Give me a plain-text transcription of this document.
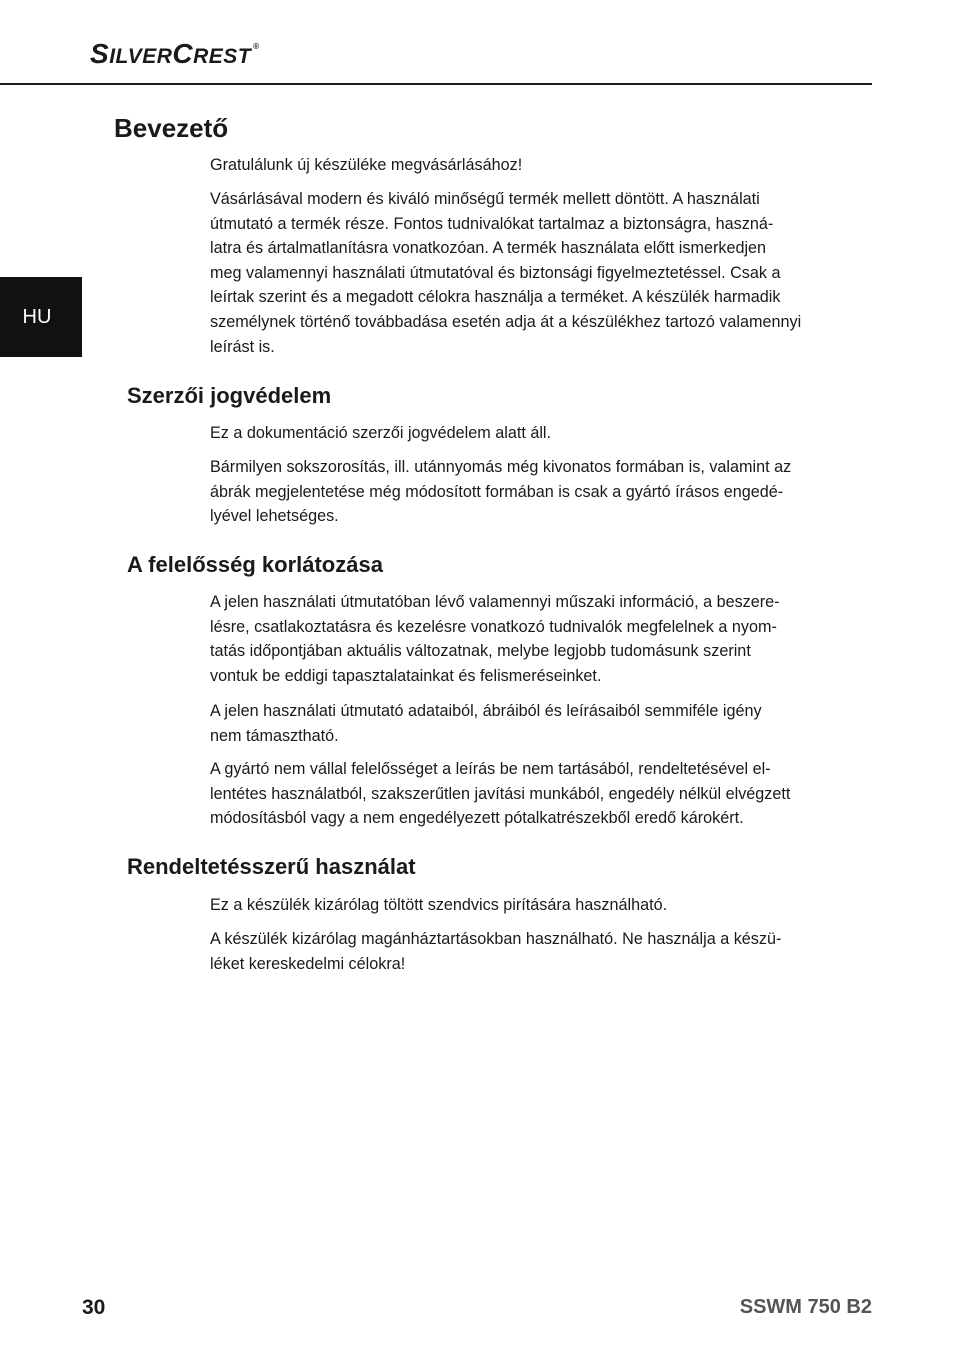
SILVERCREST ®
HU
Bevezető
Gratulálunk új készüléke megvásárlásához!
Vásárlásával modern és kiváló minőségű termék mellett döntött. A használati
útmutató a termék része. Fontos tudnivalókat tartalmaz a biztonságra, haszná-
latra és ártalmatlanításra vonatkozóan. A termék használata előtt ismerkedjen
meg valamennyi használati útmutatóval és biztonsági figyelmeztetéssel. Csak a
leírtak szerint és a megadott célokra használja a terméket. A készülék harmadik
személynek történő továbbadása esetén adja át a készülékhez tartozó valamennyi
leírást is.
Szerzői jogvédelem
Ez a dokumentáció szerzői jogvédelem alatt áll.
Bármilyen sokszorosítás, ill. utánnyomás még kivonatos formában is, valamint az
ábrák megjelentetése még módosított formában is csak a gyártó írásos engedé-
lyével lehetséges.
A felelősség korlátozása
A jelen használati útmutatóban lévő valamennyi műszaki információ, a beszere-
lésre, csatlakoztatásra és kezelésre vonatkozó tudnivalók megfelelnek a nyom-
tatás időpontjában aktuális változatnak, melybe legjobb tudomásunk szerint
vontuk be eddigi tapasztalatainkat és felismeréseinket.
A jelen használati útmutató adataiból, ábráiból és leírásaiból semmiféle igény
nem támasztható.
A gyártó nem vállal felelősséget a leírás be nem tartásából, rendeltetésével el-
lentétes használatból, szakszerűtlen javítási munkából, engedély nélkül elvégzett
módosításból vagy a nem engedélyezett pótalkatrészekből eredő károkért.
Rendeltetésszerű használat
Ez a készülék kizárólag töltött szendvics pirítására használható.
A készülék kizárólag magánháztartásokban használható. Ne használja a készü-
léket kereskedelmi célokra!
30	SSWM 750 B2
